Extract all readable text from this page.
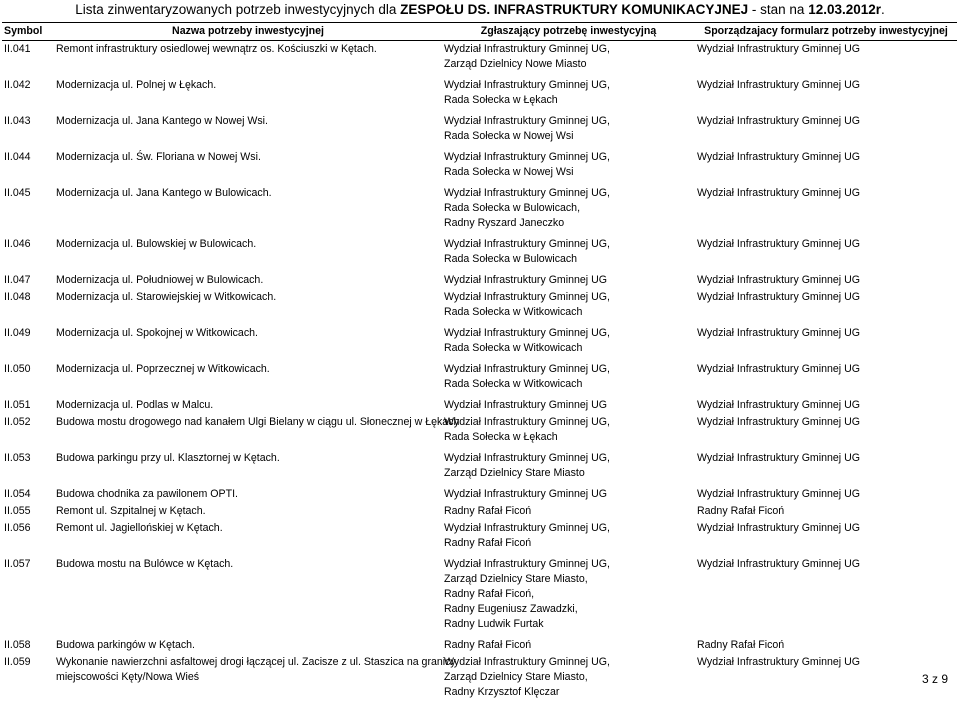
Lista zinwentaryzowanych potrzeb inwestycyjnych dla ZESPOŁU DS. INFRASTRUKTURY KOMUNIKACYJNEJ - stan na 12.03.2012r.
Symbol	Nazwa potrzeby inwestycyjnej	Zgłaszający potrzebę inwestycyjną	Sporządzajacy formularz potrzeby inwestycyjnej
II.041	Remont infrastruktury osiedlowej wewnątrz os. Kościuszki w Kętach.	Wydział Infrastruktury Gminnej UG,
Zarząd Dzielnicy Nowe Miasto	Wydział Infrastruktury Gminnej UG
II.042	Modernizacja ul. Polnej w Łękach.	Wydział Infrastruktury Gminnej UG,
Rada Sołecka w Łękach	Wydział Infrastruktury Gminnej UG
II.043	Modernizacja ul. Jana Kantego w Nowej Wsi.	Wydział Infrastruktury Gminnej UG,
Rada Sołecka w Nowej Wsi	Wydział Infrastruktury Gminnej UG
II.044	Modernizacja ul. Św. Floriana w Nowej Wsi.	Wydział Infrastruktury Gminnej UG,
Rada Sołecka w Nowej Wsi	Wydział Infrastruktury Gminnej UG
II.045	Modernizacja ul. Jana Kantego w Bulowicach.	Wydział Infrastruktury Gminnej UG,
Rada Sołecka w Bulowicach,
Radny Ryszard Janeczko	Wydział Infrastruktury Gminnej UG
II.046	Modernizacja ul. Bulowskiej w Bulowicach.	Wydział Infrastruktury Gminnej UG,
Rada Sołecka w Bulowicach	Wydział Infrastruktury Gminnej UG
II.047	Modernizacja ul. Południowej w Bulowicach.	Wydział Infrastruktury Gminnej UG	Wydział Infrastruktury Gminnej UG
II.048	Modernizacja ul. Starowiejskiej w Witkowicach.	Wydział Infrastruktury Gminnej UG,
Rada Sołecka w Witkowicach	Wydział Infrastruktury Gminnej UG
II.049	Modernizacja ul. Spokojnej w Witkowicach.	Wydział Infrastruktury Gminnej UG,
Rada Sołecka w Witkowicach	Wydział Infrastruktury Gminnej UG
II.050	Modernizacja ul. Poprzecznej w Witkowicach.	Wydział Infrastruktury Gminnej UG,
Rada Sołecka w Witkowicach	Wydział Infrastruktury Gminnej UG
II.051	Modernizacja ul. Podlas w Malcu.	Wydział Infrastruktury Gminnej UG	Wydział Infrastruktury Gminnej UG
II.052	Budowa mostu drogowego nad kanałem Ulgi Bielany w ciągu ul. Słonecznej w Łękach	Wydział Infrastruktury Gminnej UG,
Rada Sołecka w Łękach	Wydział Infrastruktury Gminnej UG
II.053	Budowa parkingu przy ul. Klasztornej w Kętach.	Wydział Infrastruktury Gminnej UG,
Zarząd Dzielnicy Stare Miasto	Wydział Infrastruktury Gminnej UG
II.054	Budowa chodnika za pawilonem OPTI.	Wydział Infrastruktury Gminnej UG	Wydział Infrastruktury Gminnej UG
II.055	Remont ul. Szpitalnej w Kętach.	Radny Rafał Ficoń	Radny Rafał Ficoń
II.056	Remont ul. Jagiellońskiej w Kętach.	Wydział Infrastruktury Gminnej UG,
Radny Rafał Ficoń	Wydział Infrastruktury Gminnej UG
II.057	Budowa mostu na Bulówce w Kętach.	Wydział Infrastruktury Gminnej UG,
Zarząd Dzielnicy Stare Miasto,
Radny Rafał Ficoń,
Radny Eugeniusz Zawadzki,
Radny Ludwik Furtak	Wydział Infrastruktury Gminnej UG
II.058	Budowa parkingów w Kętach.	Radny Rafał Ficoń	Radny Rafał Ficoń
II.059	Wykonanie nawierzchni asfaltowej drogi łączącej ul. Zacisze z ul. Staszica na granicy
miejscowości Kęty/Nowa Wieś	Wydział Infrastruktury Gminnej UG,
Zarząd Dzielnicy Stare Miasto,
Radny Krzysztof Klęczar	Wydział Infrastruktury Gminnej UG
3 z 9
